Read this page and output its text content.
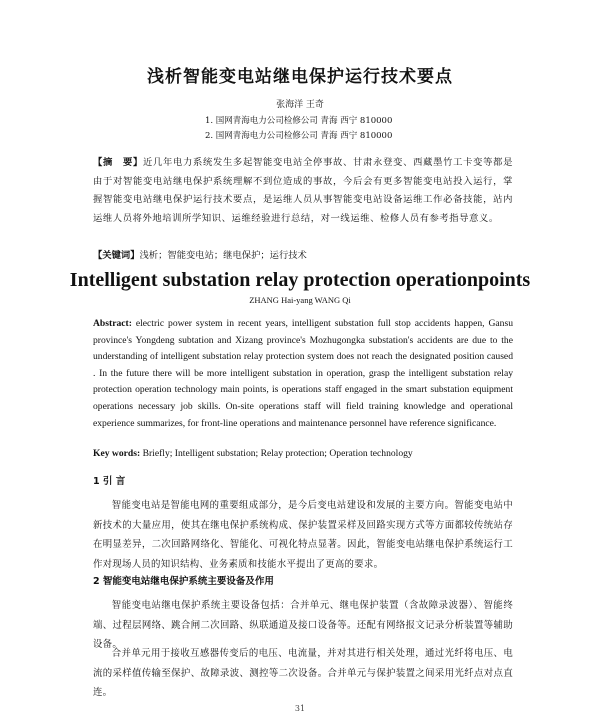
浅析智能变电站继电保护运行技术要点
张海洋 王奇
1. 国网青海电力公司检修公司 青海 西宁 810000
2. 国网青海电力公司检修公司 青海 西宁 810000
【摘　要】近几年电力系统发生多起智能变电站全停事故、甘肃永登变、西藏墨竹工卡变等都是由于对智能变电站继电保护系统理解不到位造成的事故，今后会有更多智能变电站投入运行，掌握智能变电站继电保护运行技术要点，是运维人员从事智能变电站设备运维工作必备技能，站内运维人员将外地培训所学知识、运维经验进行总结，对一线运维、检修人员有参考指导意义。
【关键词】浅析；智能变电站；继电保护；运行技术
Intelligent substation relay protection operationpoints
ZHANG Hai-yang WANG Qi
Abstract: electric power system in recent years, intelligent substation full stop accidents happen, Gansu province's Yongdeng subtation and Xizang province's Mozhugongka substation's accidents are due to the understanding of intelligent substation relay protection system does not reach the designated position caused . In the future there will be more intelligent substation in operation, grasp the intelligent substation relay protection operation technology main points, is operations staff engaged in the smart substation equipment operations necessary job skills. On-site operations staff will field training knowledge and operational experience summarizes, for front-line operations and maintenance personnel have reference significance.
Key words: Briefly; Intelligent substation; Relay protection; Operation technology
1 引 言
智能变电站是智能电网的重要组成部分，是今后变电站建设和发展的主要方向。智能变电站中新技术的大量应用，使其在继电保护系统构成、保护装置采样及回路实现方式等方面都较传统站存在明显差异，二次回路网络化、智能化、可视化特点显著。因此，智能变电站继电保护系统运行工作对现场人员的知识结构、业务素质和技能水平提出了更高的要求。
2 智能变电站继电保护系统主要设备及作用
智能变电站继电保护系统主要设备包括：合并单元、继电保护装置（含故障录波器）、智能终端、过程层网络、跳合闸二次回路、纵联通道及接口设备等。还配有网络报文记录分析装置等辅助设备。
合并单元用于接收互感器传变后的电压、电流量，并对其进行相关处理，通过光纤将电压、电流的采样值传输至保护、故障录波、测控等二次设备。合并单元与保护装置之间采用光纤点对点直连。
31
